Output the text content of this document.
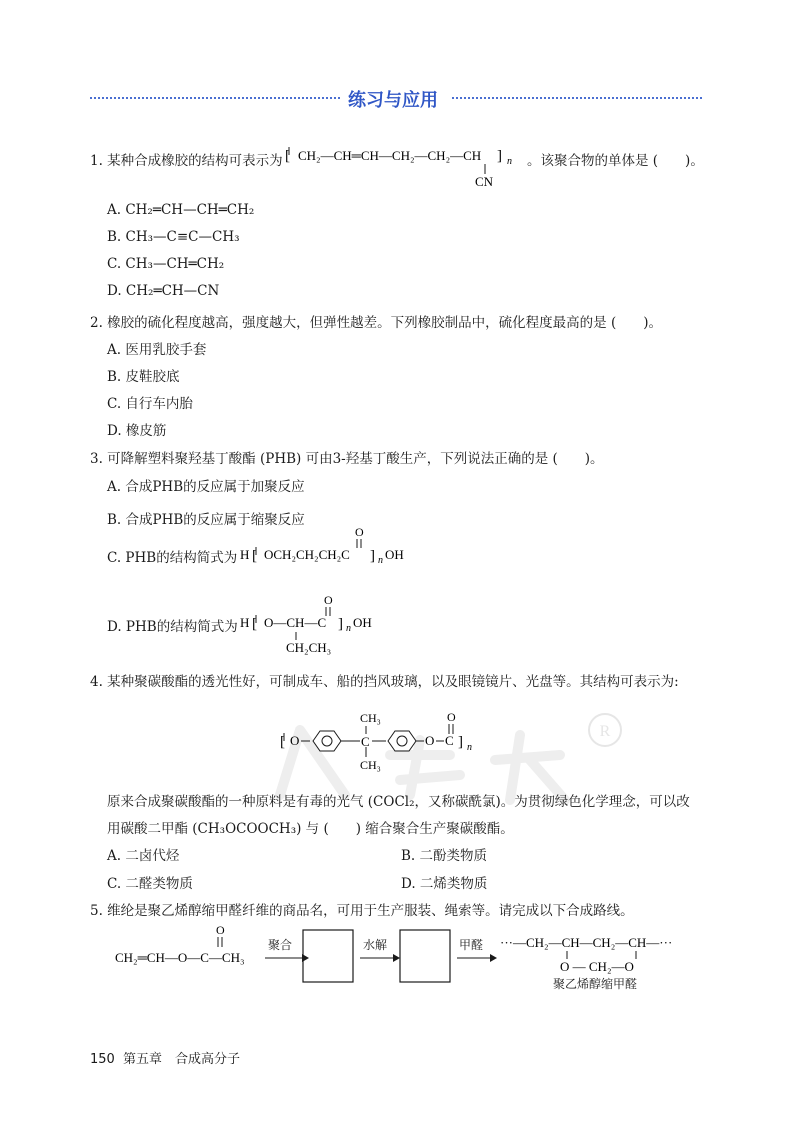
练习与应用
R
1. 某种合成橡胶的结构可表示为 [ CH₂—CH═CH—CH₂—CH₂—CH ] n
CN
。该聚合物的单体是 (　　)。
A. CH₂═CH—CH═CH₂
B. CH₃—C≡C—CH₃
C. CH₃—CH═CH₂
D. CH₂═CH—CN
2. 橡胶的硫化程度越高，强度越大，但弹性越差。下列橡胶制品中，硫化程度最高的是 (　　)。
A. 医用乳胶手套
B. 皮鞋胶底
C. 自行车内胎
D. 橡皮筋
3. 可降解塑料聚羟基丁酸酯 (PHB) 可由3-羟基丁酸生产，下列说法正确的是 (　　)。
A. 合成PHB的反应属于加聚反应
B. 合成PHB的反应属于缩聚反应
C. PHB的结构简式为 H [ OCH₂CH₂CH₂C
O
] n OH
D. PHB的结构简式为 H [ O—CH—C
O
] n OH
CH₂CH₃
4. 某种聚碳酸酯的透光性好，可制成车、船的挡风玻璃，以及眼镜镜片、光盘等。其结构可表示为:
[ O	C
CH₃
CH₃
O C
O
] n
原来合成聚碳酸酯的一种原料是有毒的光气 (COCl₂，又称碳酰氯)。为贯彻绿色化学理念，可以改
用碳酸二甲酯 (CH₃OCOOCH₃) 与 (　　) 缩合聚合生产聚碳酸酯。
A. 二卤代烃	B. 二酚类物质
C. 二醛类物质	D. 二烯类物质
5. 维纶是聚乙烯醇缩甲醛纤维的商品名，可用于生产服装、绳索等。请完成以下合成路线。
CH₂═CH—O—C—CH₃
O
···—CH₂—CH—CH₂—CH—···
O — CH₂—O
聚合	水解	甲醛
聚乙烯醇缩甲醛
150 第五章　合成高分子
